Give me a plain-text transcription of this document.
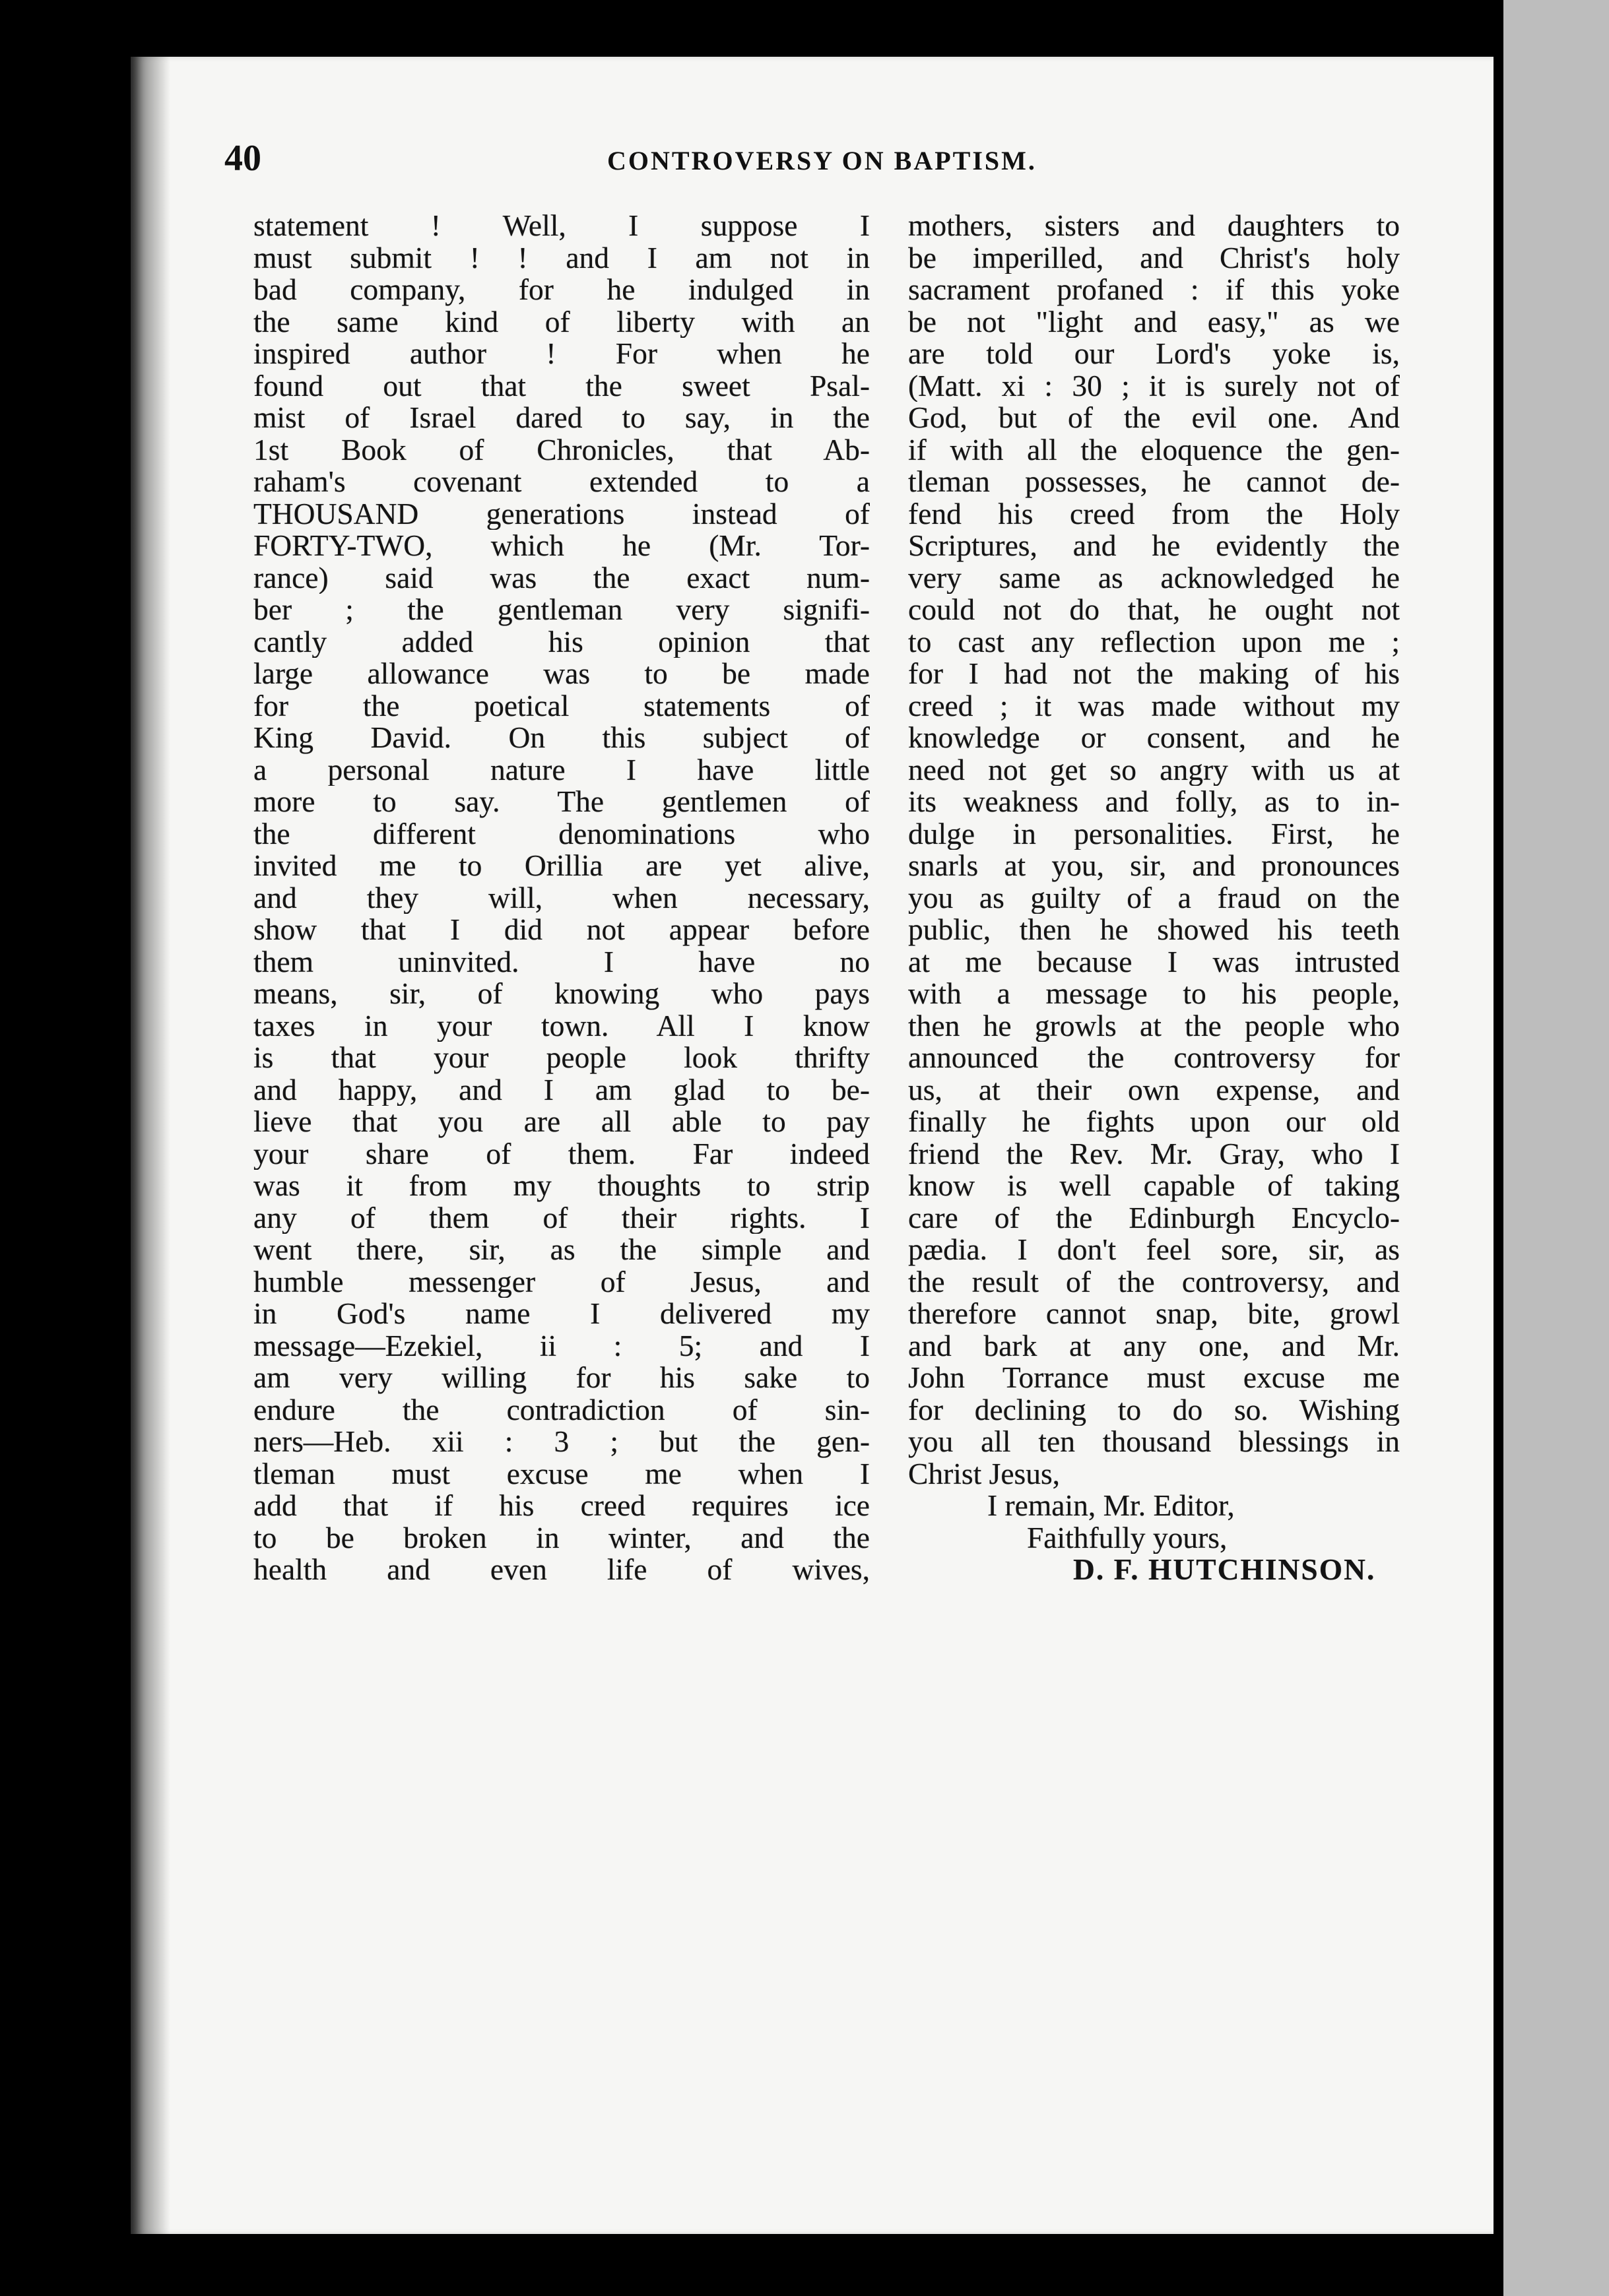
40	CONTROVERSY ON BAPTISM.
statement ! Well, I suppose I
must submit ! ! and I am not in
bad company, for he indulged in
the same kind of liberty with an
inspired author ! For when he
found out that the sweet Psal-
mist of Israel dared to say, in the
1st Book of Chronicles, that Ab-
raham's covenant extended to a
THOUSAND generations instead of
FORTY-TWO, which he (Mr. Tor-
rance) said was the exact num-
ber ; the gentleman very signifi-
cantly added his opinion that
large allowance was to be made
for the poetical statements of
King David. On this subject of
a personal nature I have little
more to say. The gentlemen of
the different denominations who
invited me to Orillia are yet alive,
and they will, when necessary,
show that I did not appear before
them uninvited. I have no
means, sir, of knowing who pays
taxes in your town. All I know
is that your people look thrifty
and happy, and I am glad to be-
lieve that you are all able to pay
your share of them. Far indeed
was it from my thoughts to strip
any of them of their rights. I
went there, sir, as the simple and
humble messenger of Jesus, and
in God's name I delivered my
message—Ezekiel, ii : 5; and I
am very willing for his sake to
endure the contradiction of sin-
ners—Heb. xii : 3 ; but the gen-
tleman must excuse me when I
add that if his creed requires ice
to be broken in winter, and the
health and even life of wives,
mothers, sisters and daughters to
be imperilled, and Christ's holy
sacrament profaned : if this yoke
be not "light and easy," as we
are told our Lord's yoke is,
(Matt. xi : 30 ; it is surely not of
God, but of the evil one. And
if with all the eloquence the gen-
tleman possesses, he cannot de-
fend his creed from the Holy
Scriptures, and he evidently the
very same as acknowledged he
could not do that, he ought not
to cast any reflection upon me ;
for I had not the making of his
creed ; it was made without my
knowledge or consent, and he
need not get so angry with us at
its weakness and folly, as to in-
dulge in personalities. First, he
snarls at you, sir, and pronounces
you as guilty of a fraud on the
public, then he showed his teeth
at me because I was intrusted
with a message to his people,
then he growls at the people who
announced the controversy for
us, at their own expense, and
finally he fights upon our old
friend the Rev. Mr. Gray, who I
know is well capable of taking
care of the Edinburgh Encyclo-
pædia. I don't feel sore, sir, as
the result of the controversy, and
therefore cannot snap, bite, growl
and bark at any one, and Mr.
John Torrance must excuse me
for declining to do so. Wishing
you all ten thousand blessings in
Christ Jesus,
I remain, Mr. Editor,
Faithfully yours,
D. F. HUTCHINSON.
